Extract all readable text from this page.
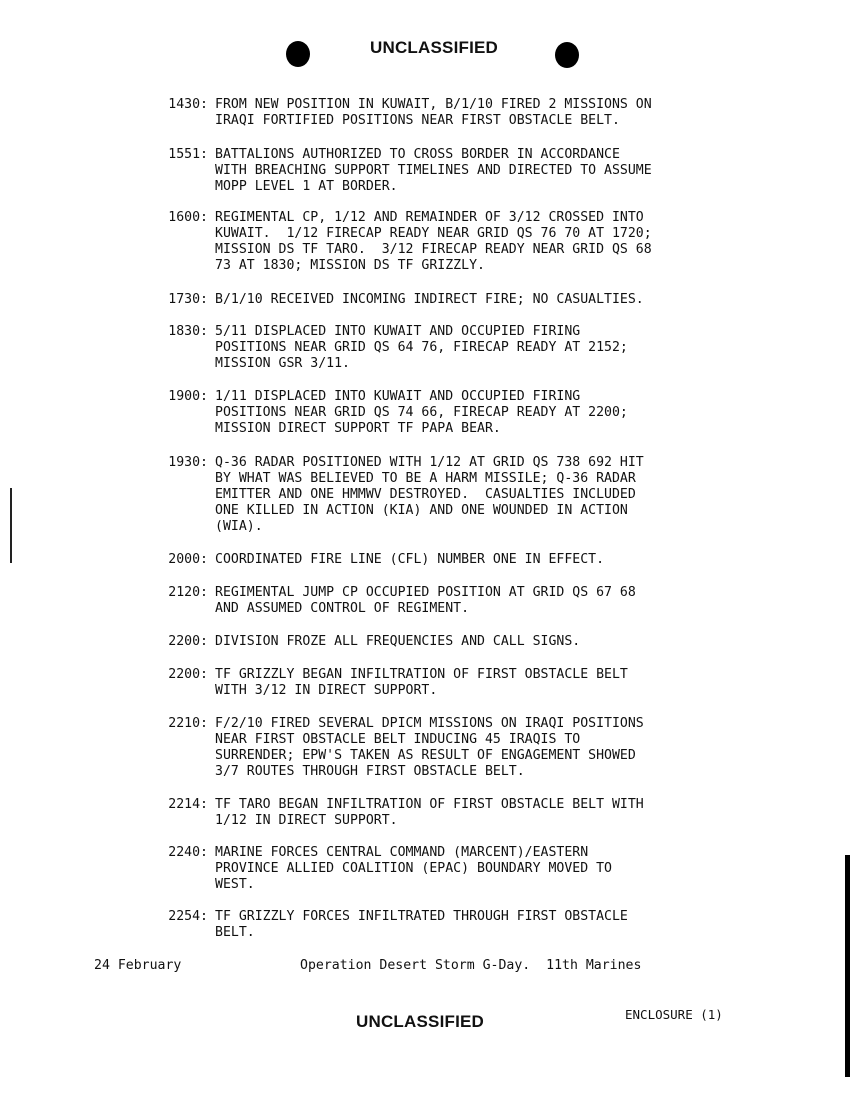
UNCLASSIFIED
1430: FROM NEW POSITION IN KUWAIT, B/1/10 FIRED 2 MISSIONS ON
IRAQI FORTIFIED POSITIONS NEAR FIRST OBSTACLE BELT.
1551: BATTALIONS AUTHORIZED TO CROSS BORDER IN ACCORDANCE
WITH BREACHING SUPPORT TIMELINES AND DIRECTED TO ASSUME
MOPP LEVEL 1 AT BORDER.
1600: REGIMENTAL CP, 1/12 AND REMAINDER OF 3/12 CROSSED INTO
KUWAIT.  1/12 FIRECAP READY NEAR GRID QS 76 70 AT 1720;
MISSION DS TF TARO.  3/12 FIRECAP READY NEAR GRID QS 68
73 AT 1830; MISSION DS TF GRIZZLY.
1730: B/1/10 RECEIVED INCOMING INDIRECT FIRE; NO CASUALTIES.
1830: 5/11 DISPLACED INTO KUWAIT AND OCCUPIED FIRING
POSITIONS NEAR GRID QS 64 76, FIRECAP READY AT 2152;
MISSION GSR 3/11.
1900: 1/11 DISPLACED INTO KUWAIT AND OCCUPIED FIRING
POSITIONS NEAR GRID QS 74 66, FIRECAP READY AT 2200;
MISSION DIRECT SUPPORT TF PAPA BEAR.
1930: Q-36 RADAR POSITIONED WITH 1/12 AT GRID QS 738 692 HIT
BY WHAT WAS BELIEVED TO BE A HARM MISSILE; Q-36 RADAR
EMITTER AND ONE HMMWV DESTROYED.  CASUALTIES INCLUDED
ONE KILLED IN ACTION (KIA) AND ONE WOUNDED IN ACTION
(WIA).
2000: COORDINATED FIRE LINE (CFL) NUMBER ONE IN EFFECT.
2120: REGIMENTAL JUMP CP OCCUPIED POSITION AT GRID QS 67 68
AND ASSUMED CONTROL OF REGIMENT.
2200: DIVISION FROZE ALL FREQUENCIES AND CALL SIGNS.
2200: TF GRIZZLY BEGAN INFILTRATION OF FIRST OBSTACLE BELT
WITH 3/12 IN DIRECT SUPPORT.
2210: F/2/10 FIRED SEVERAL DPICM MISSIONS ON IRAQI POSITIONS
NEAR FIRST OBSTACLE BELT INDUCING 45 IRAQIS TO
SURRENDER; EPW'S TAKEN AS RESULT OF ENGAGEMENT SHOWED
3/7 ROUTES THROUGH FIRST OBSTACLE BELT.
2214: TF TARO BEGAN INFILTRATION OF FIRST OBSTACLE BELT WITH
1/12 IN DIRECT SUPPORT.
2240: MARINE FORCES CENTRAL COMMAND (MARCENT)/EASTERN
PROVINCE ALLIED COALITION (EPAC) BOUNDARY MOVED TO
WEST.
2254: TF GRIZZLY FORCES INFILTRATED THROUGH FIRST OBSTACLE
BELT.
24 February	Operation Desert Storm G-Day.  11th Marines
UNCLASSIFIED	ENCLOSURE (1)
